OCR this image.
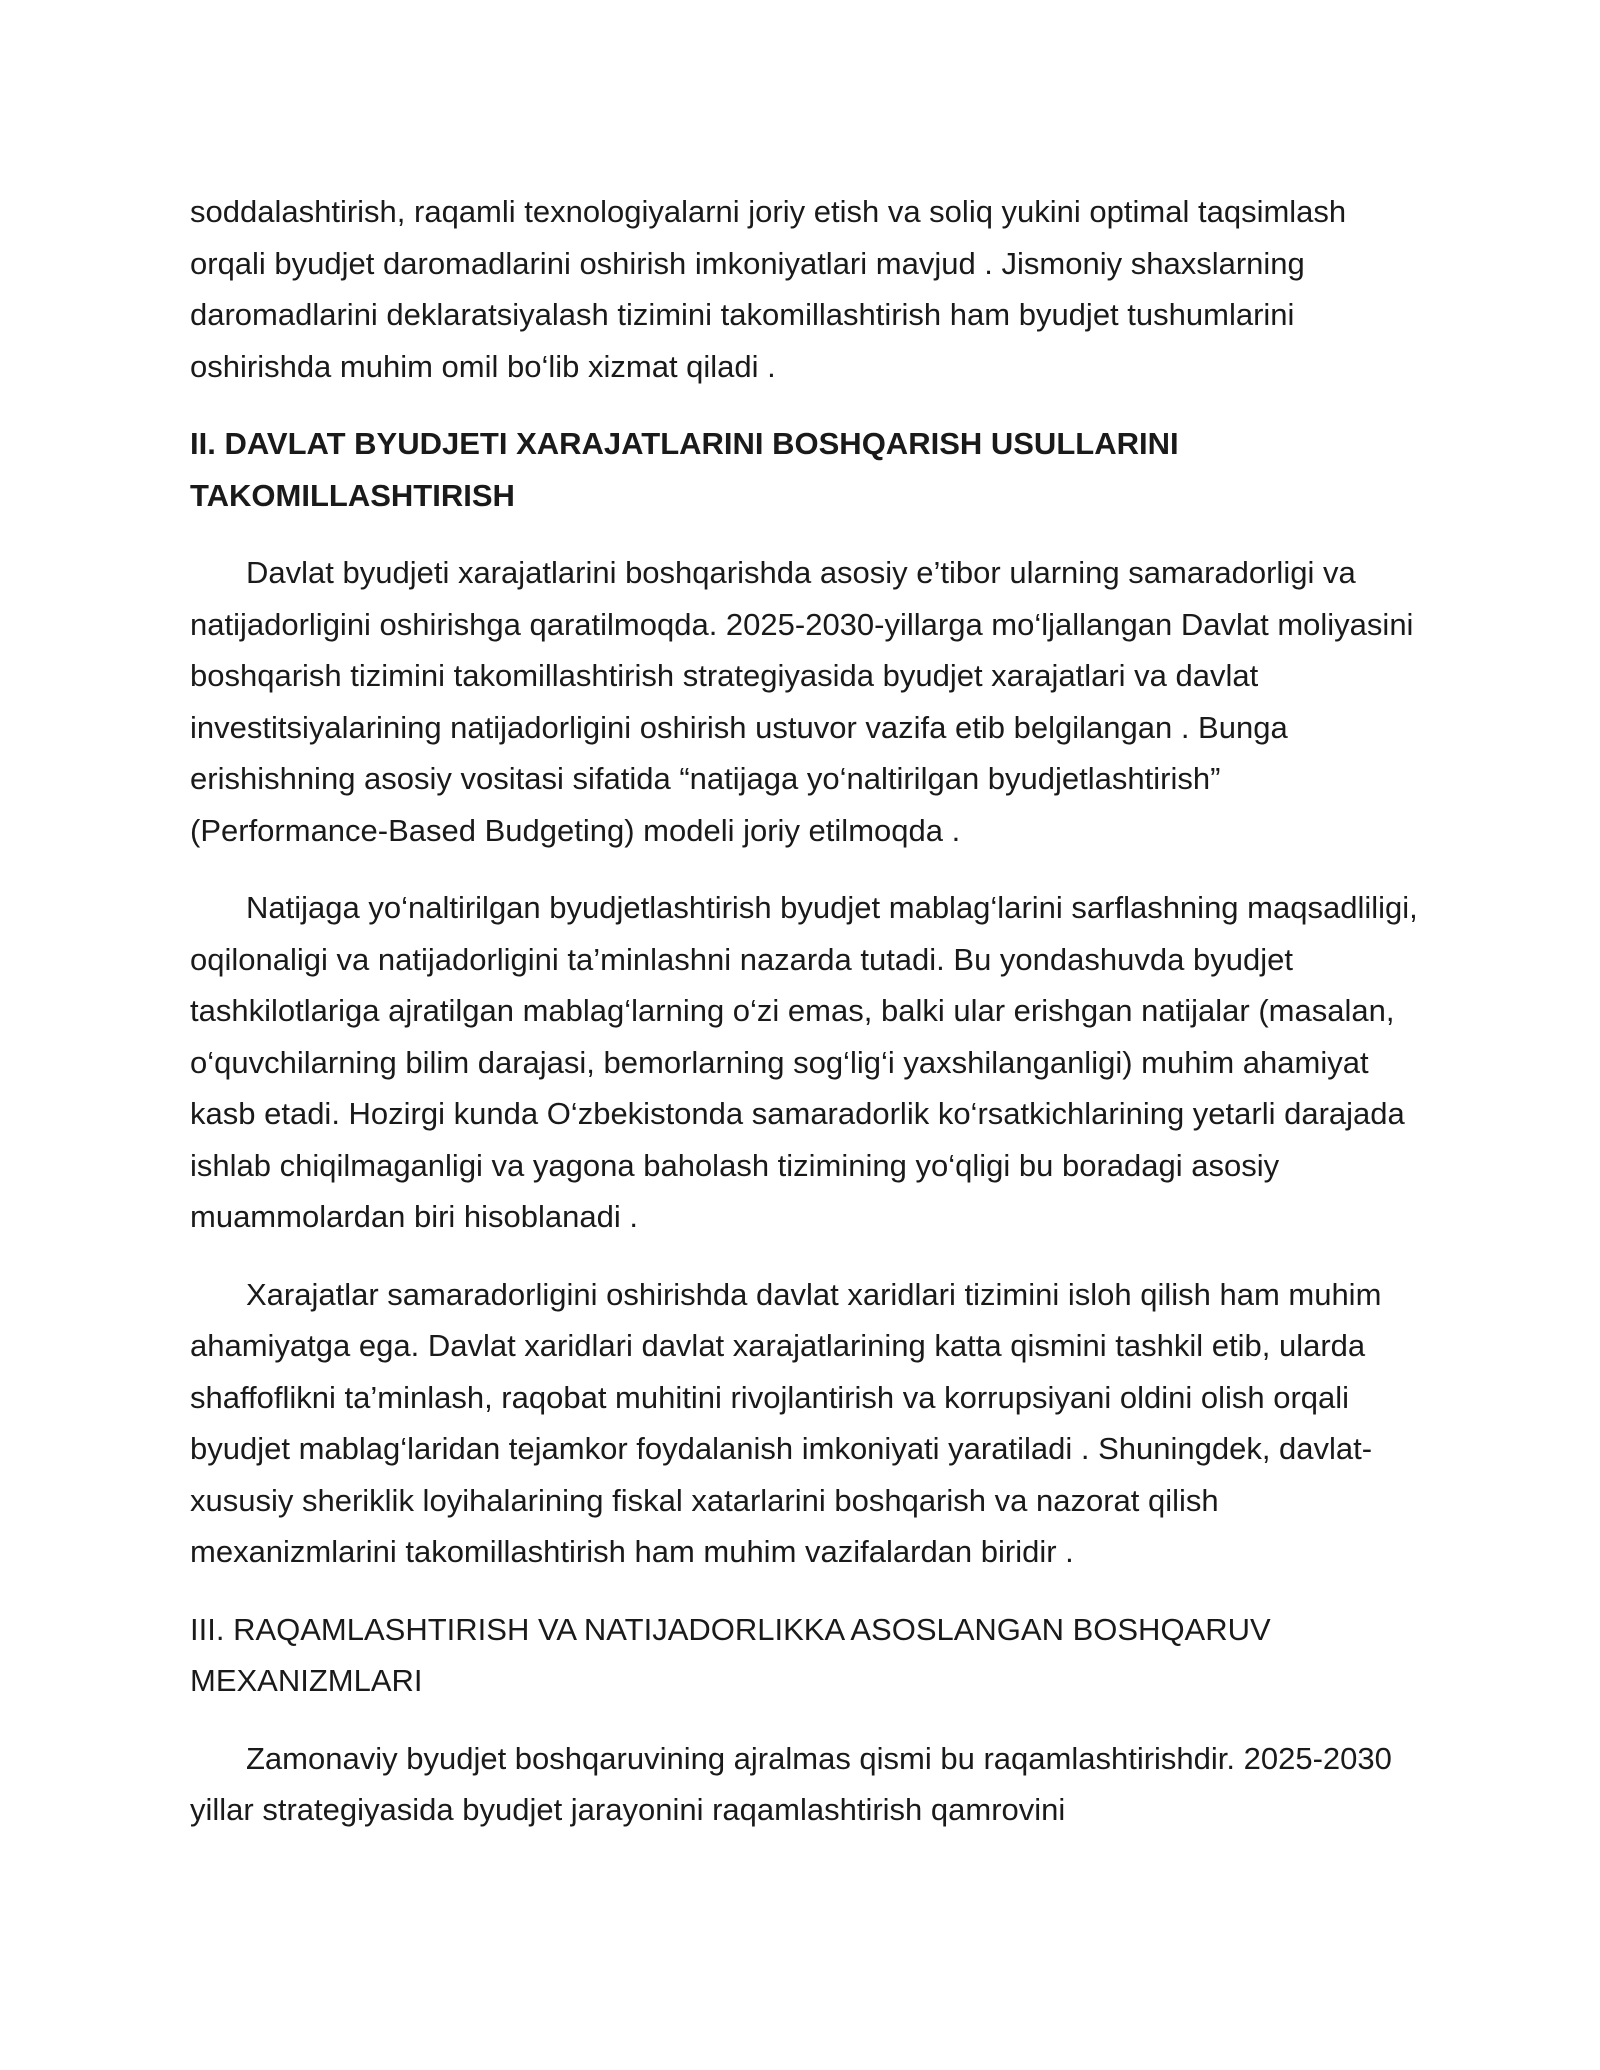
soddalashtirish, raqamli texnologiyalarni joriy etish va soliq yukini optimal taqsimlash orqali byudjet daromadlarini oshirish imkoniyatlari mavjud . Jismoniy shaxslarning daromadlarini deklaratsiyalash tizimini takomillashtirish ham byudjet tushumlarini oshirishda muhim omil bo‘lib xizmat qiladi .

II. DAVLAT BYUDJETI XARAJATLARINI BOSHQARISH USULLARINI TAKOMILLASHTIRISH

Davlat byudjeti xarajatlarini boshqarishda asosiy e’tibor ularning samaradorligi va natijadorligini oshirishga qaratilmoqda. 2025-2030-yillarga mo‘ljallangan Davlat moliyasini boshqarish tizimini takomillashtirish strategiyasida byudjet xarajatlari va davlat investitsiyalarining natijadorligini oshirish ustuvor vazifa etib belgilangan . Bunga erishishning asosiy vositasi sifatida “natijaga yo‘naltirilgan byudjetlashtirish” (Performance-Based Budgeting) modeli joriy etilmoqda .

Natijaga yo‘naltirilgan byudjetlashtirish byudjet mablag‘larini sarflashning maqsadliligi, oqilonaligi va natijadorligini ta’minlashni nazarda tutadi. Bu yondashuvda byudjet tashkilotlariga ajratilgan mablag‘larning o‘zi emas, balki ular erishgan natijalar (masalan, o‘quvchilarning bilim darajasi, bemorlarning sog‘lig‘i yaxshilanganligi) muhim ahamiyat kasb etadi. Hozirgi kunda O‘zbekistonda samaradorlik ko‘rsatkichlarining yetarli darajada ishlab chiqilmaganligi va yagona baholash tizimining yo‘qligi bu boradagi asosiy muammolardan biri hisoblanadi .

Xarajatlar samaradorligini oshirishda davlat xaridlari tizimini isloh qilish ham muhim ahamiyatga ega. Davlat xaridlari davlat xarajatlarining katta qismini tashkil etib, ularda shaffoflikni ta’minlash, raqobat muhitini rivojlantirish va korrupsiyani oldini olish orqali byudjet mablag‘laridan tejamkor foydalanish imkoniyati yaratiladi . Shuningdek, davlat-xususiy sheriklik loyihalarining fiskal xatarlarini boshqarish va nazorat qilish mexanizmlarini takomillashtirish ham muhim vazifalardan biridir .

III. RAQAMLASHTIRISH VA NATIJADORLIKKA ASOSLANGAN BOSHQARUV MEXANIZMLARI

Zamonaviy byudjet boshqaruvining ajralmas qismi bu raqamlashtirishdir. 2025-2030 yillar strategiyasida byudjet jarayonini raqamlashtirish qamrovini
